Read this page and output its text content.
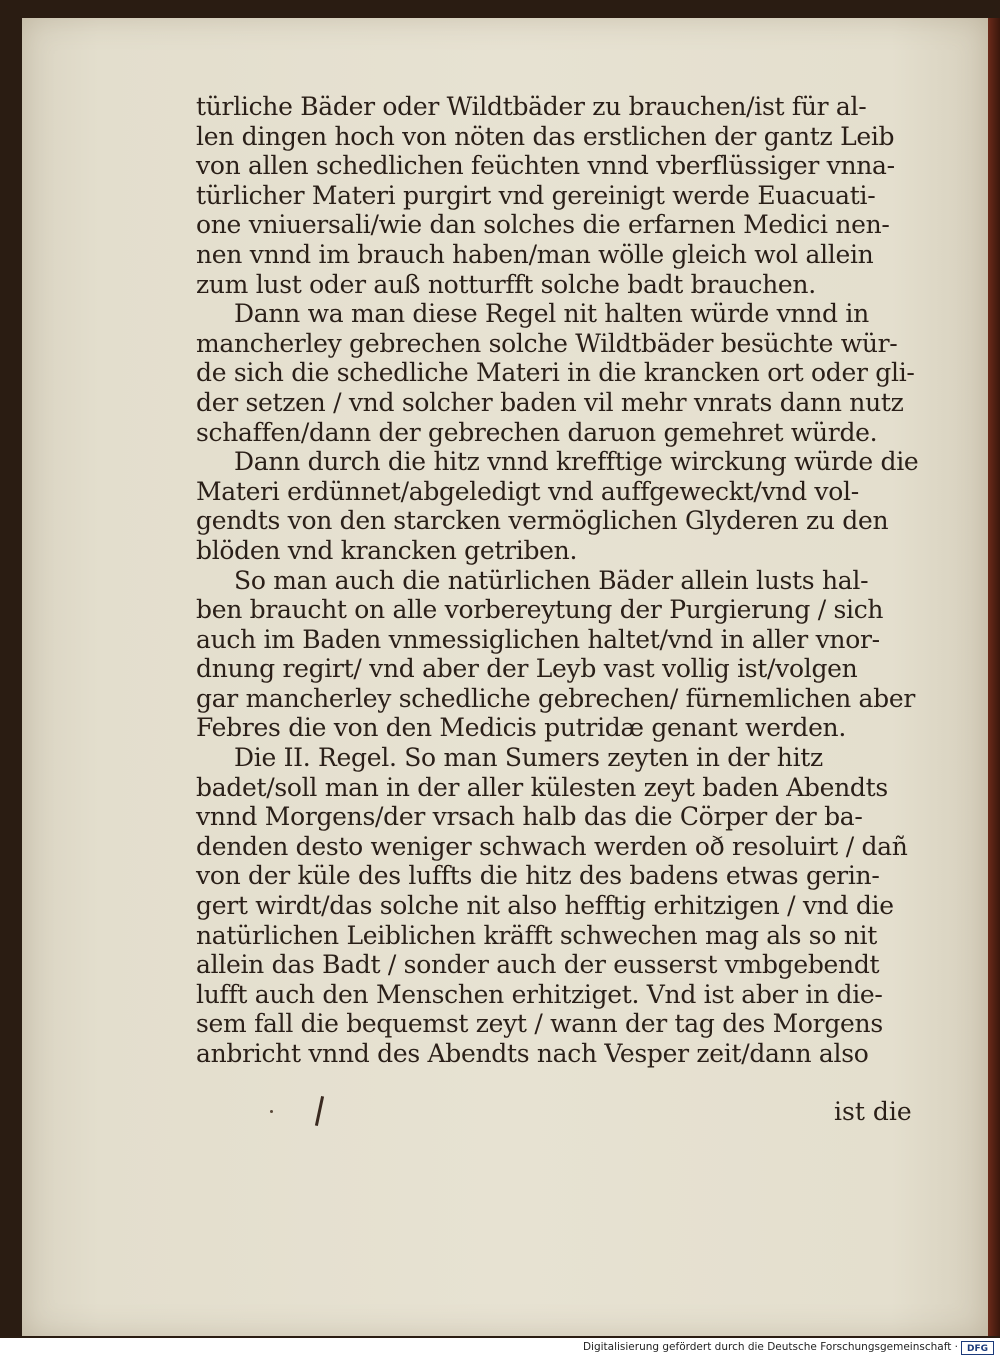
türliche Bäder oder Wildtbäder zu brauchen/ist für al-
len dingen hoch von nöten das erstlichen der gantz Leib
von allen schedlichen feüchten vnnd vberflüssiger vnna-
türlicher Materi purgirt vnd gereinigt werde Euacuati-
one vniuersali/wie dan solches die erfarnen Medici nen-
nen vnnd im brauch haben/man wölle gleich wol allein
zum lust oder auß notturfft solche badt brauchen.
Dann wa man diese Regel nit halten würde vnnd in
mancherley gebrechen solche Wildtbäder besüchte wür-
de sich die schedliche Materi in die krancken ort oder gli-
der setzen / vnd solcher baden vil mehr vnrats dann nutz
schaffen/dann der gebrechen daruon gemehret würde.
Dann durch die hitz vnnd krefftige wirckung würde die
Materi erdünnet/abgeledigt vnd auffgeweckt/vnd vol-
gendts von den starcken vermöglichen Glyderen zu den
blöden vnd krancken getriben.
So man auch die natürlichen Bäder allein lusts hal-
ben braucht on alle vorbereytung der Purgierung / sich
auch im Baden vnmessiglichen haltet/vnd in aller vnor-
dnung regirt/ vnd aber der Leyb vast vollig ist/volgen
gar mancherley schedliche gebrechen/ fürnemlichen aber
Febres die von den Medicis putridæ genant werden.
Die II. Regel. So man Sumers zeyten in der hitz
badet/soll man in der aller külesten zeyt baden Abendts
vnnd Morgens/der vrsach halb das die Cörper der ba-
denden desto weniger schwach werden oð resoluirt / dañ
von der küle des luffts die hitz des badens etwas gerin-
gert wirdt/das solche nit also hefftig erhitzigen / vnd die
natürlichen Leiblichen kräfft schwechen mag als so nit
allein das Badt / sonder auch der eusserst vmbgebendt
lufft auch den Menschen erhitziget. Vnd ist aber in die-
sem fall die bequemst zeyt / wann der tag des Morgens
anbricht vnnd des Abendts nach Vesper zeit/dann also
ist die
Digitalisierung gefördert durch die Deutsche Forschungsgemeinschaft · DFG
